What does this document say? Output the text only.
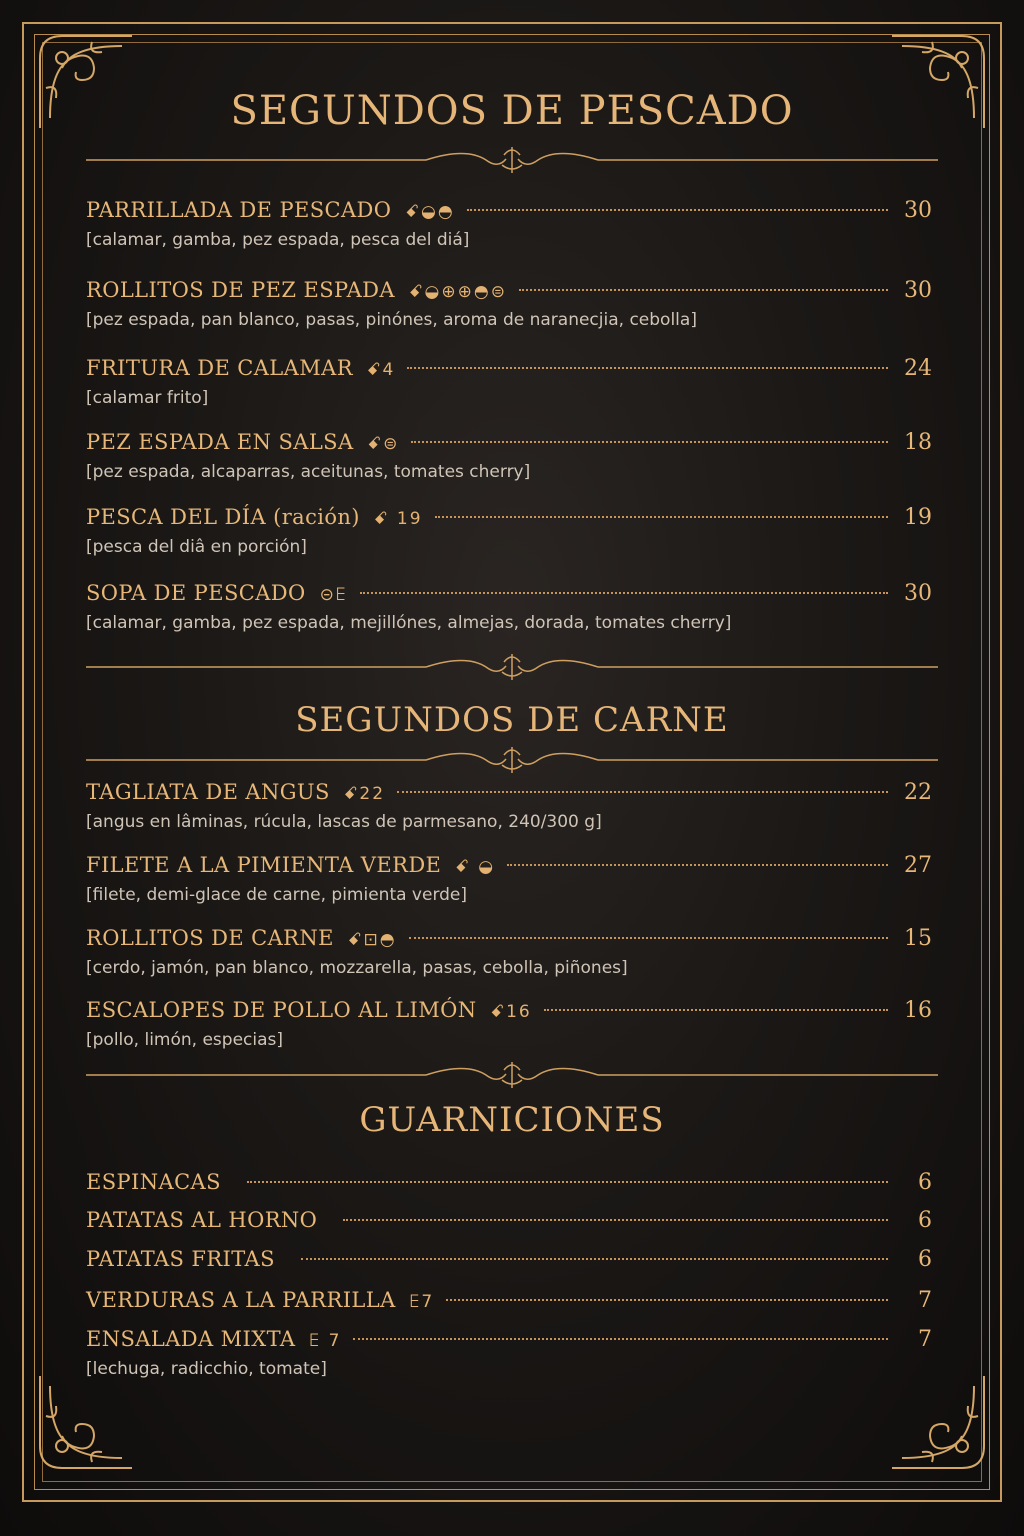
SEGUNDOS DE PESCADO
PARRILLADA DE PESCADO ꗃ◒◓	30
[calamar, gamba, pez espada, pesca del diá]
ROLLITOS DE PEZ ESPADA ꗃ◒⊕⊕◓⊜	30
[pez espada, pan blanco, pasas, pinónes, aroma de naranecjia, cebolla]
FRITURA DE CALAMAR ꗃ4	24
[calamar frito]
PEZ ESPADA EN SALSA ꗃ⊜	18
[pez espada, alcaparras, aceitunas, tomates cherry]
PESCA DEL DÍA (ración) ꗃ 19	19
[pesca del diâ en porción]
SOPA DE PESCADO ⊝ꗋ	30
[calamar, gamba, pez espada, mejillónes, almejas, dorada, tomates cherry]
SEGUNDOS DE CARNE
TAGLIATA DE ANGUS ꗃ22	22
[angus en lâminas, rúcula, lascas de parmesano, 240/300 g]
FILETE A LA PIMIENTA VERDE ꗃ ◒	27
[filete, demi-glace de carne, pimienta verde]
ROLLITOS DE CARNE ꗃ⊡◓	15
[cerdo, jamón, pan blanco, mozzarella, pasas, cebolla, piñones]
ESCALOPES DE POLLO AL LIMÓN ꗃ16	16
[pollo, limón, especias]
GUARNICIONES
ESPINACAS	6
PATATAS AL HORNO	6
PATATAS FRITAS	6
VERDURAS A LA PARRILLA ꗋ7	7
ENSALADA MIXTA ꗋ 7	7
[lechuga, radicchio, tomate]
